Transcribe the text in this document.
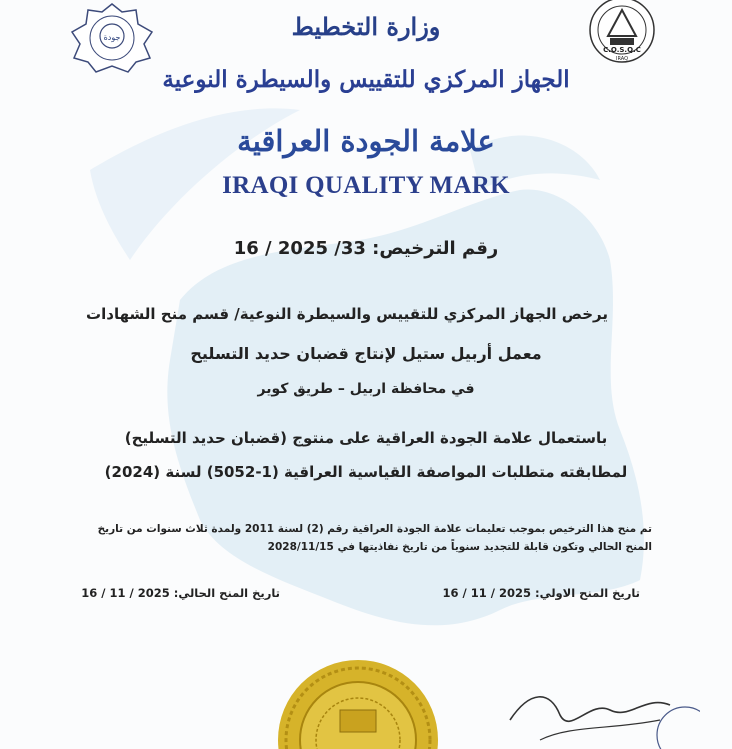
جودة
C.O.S.Q.C
IRAQ
وزارة التخطيط
الجهاز المركزي للتقييس والسيطرة النوعية
علامة الجودة العراقية
IRAQI QUALITY MARK
رقم الترخيص: 16 / 2025 /33
يرخص الجهاز المركزي للتقييس والسيطرة النوعية/ قسم منح الشهادات
معمل أربيل ستيل لإنتاج قضبان حديد التسليح
في محافظة اربيل – طريق كوير
باستعمال علامة الجودة العراقية على منتوج (قضبان حديد التسليح)
لمطابقته متطلبات المواصفة القياسية العراقية (1-5052) لسنة (2024)
تم منح هذا الترخيص بموجب تعليمات علامة الجودة العراقية رقم (2) لسنة 2011 ولمدة ثلاث سنوات من تاريخ
المنح الحالي وتكون قابلة للتجديد سنوياً من تاريخ نفاذيتها في 2028/11/15
تاريخ المنح الاولي: 16 / 11 / 2025
تاريخ المنح الحالي: 16 / 11 / 2025
